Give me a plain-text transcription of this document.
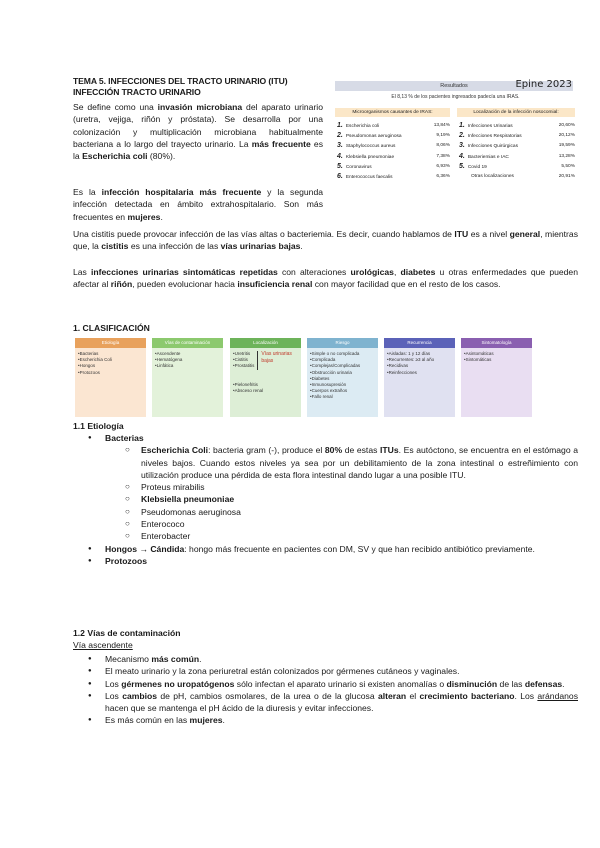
TEMA 5. INFECCIONES DEL TRACTO URINARIO (ITU)
INFECCIÓN TRACTO URINARIO

Se define como una invasión microbiana del aparato urinario (uretra, vejiga, riñón y próstata). Se desarrolla por una colonización y multiplicación microbiana habitualmente bacteriana a lo largo del trayecto urinario. La más frecuente es la Escherichia coli (80%).

Es la infección hospitalaria más frecuente y la segunda infección detectada en ámbito extrahospitalario. Son más frecuentes en mujeres.

Resultados	Epine 2023
El 8,13 % de los pacientes ingresados padecía una IRAS.
Microorganismos causantes de IRAS:	Localización de la infección nosocomial:
1. Escherichia coli	13,84%
2. Pseudomonas aeruginosa	9,19%
3. Staphylococcus aureus	8,06%
4. Klebsiella pneumoniae	7,38%
5. Coronavirus	6,93%
6. Enterococcus faecalis	6,36%
1. Infecciones Urinarias	20,60%
2. Infecciones Respiratorias	20,12%
3. Infecciones Quirúrgicas	19,59%
4. Bacteriemias e IAC	13,28%
5. Covid 19	5,50%
Otras localizaciones	20,91%

Una cistitis puede provocar infección de las vías altas o bacteriemia. Es decir, cuando hablamos de ITU es a nivel general, mientras que, la cistitis es una infección de las vías urinarias bajas.

Las infecciones urinarias sintomáticas repetidas con alteraciones urológicas, diabetes u otras enfermedades que pueden afectar al riñón, pueden evolucionar hacia insuficiencia renal con mayor facilidad que en el resto de los casos.

1. CLASIFICACIÓN
Etiología
•Bacterias
•Escherichia Coli
•Hongos
•Protozoos
Vías de contaminación
•Ascendente
•Hematógena
•Linfática
Localización
•Uretritis
•Cistitis
•Prostatitis
Vías urinarias bajas
•Pielonefritis
•Absceso renal
Riesgo
•Simple o no complicada
•Complicada
•Complejas/Complicadas
•Obstrucción urinaria
•Diabetes
•Inmunosupresión
•Cuerpos extraños
•Fallo renal
Recurrencia
•Aisladas: 1 y 12 días
•Recurrentes: ≥3 al año
•Recidivas
•Reinfecciones
Sintomatología
•Asintomáticas
•Sintomáticas
1.1 Etiología
● Bacterias
○ Escherichia Coli: bacteria gram (-), produce el 80% de estas ITUs. Es autóctono, se encuentra en el estómago a niveles bajos. Cuando estos niveles ya sea por un debilitamiento de la zona intestinal o estreñimiento con utilización produce una pérdida de esta flora intestinal dando lugar a una posible ITU.
○ Proteus mirabilis
○ Klebsiella pneumoniae
○ Pseudomonas aeruginosa
○ Enterococo
○ Enterobacter
● Hongos → Cándida: hongo más frecuente en pacientes con DM, SV y que han recibido antibiótico previamente.
● Protozoos
1.2 Vías de contaminación
Vía ascendente
● Mecanismo más común.
● El meato urinario y la zona periuretral están colonizados por gérmenes cutáneos y vaginales.
● Los gérmenes no uropatógenos sólo infectan el aparato urinario si existen anomalías o disminución de las defensas.
● Los cambios de pH, cambios osmolares, de la urea o de la glucosa alteran el crecimiento bacteriano. Los arándanos hacen que se mantenga el pH ácido de la diuresis y evitar infecciones.
● Es más común en las mujeres.
